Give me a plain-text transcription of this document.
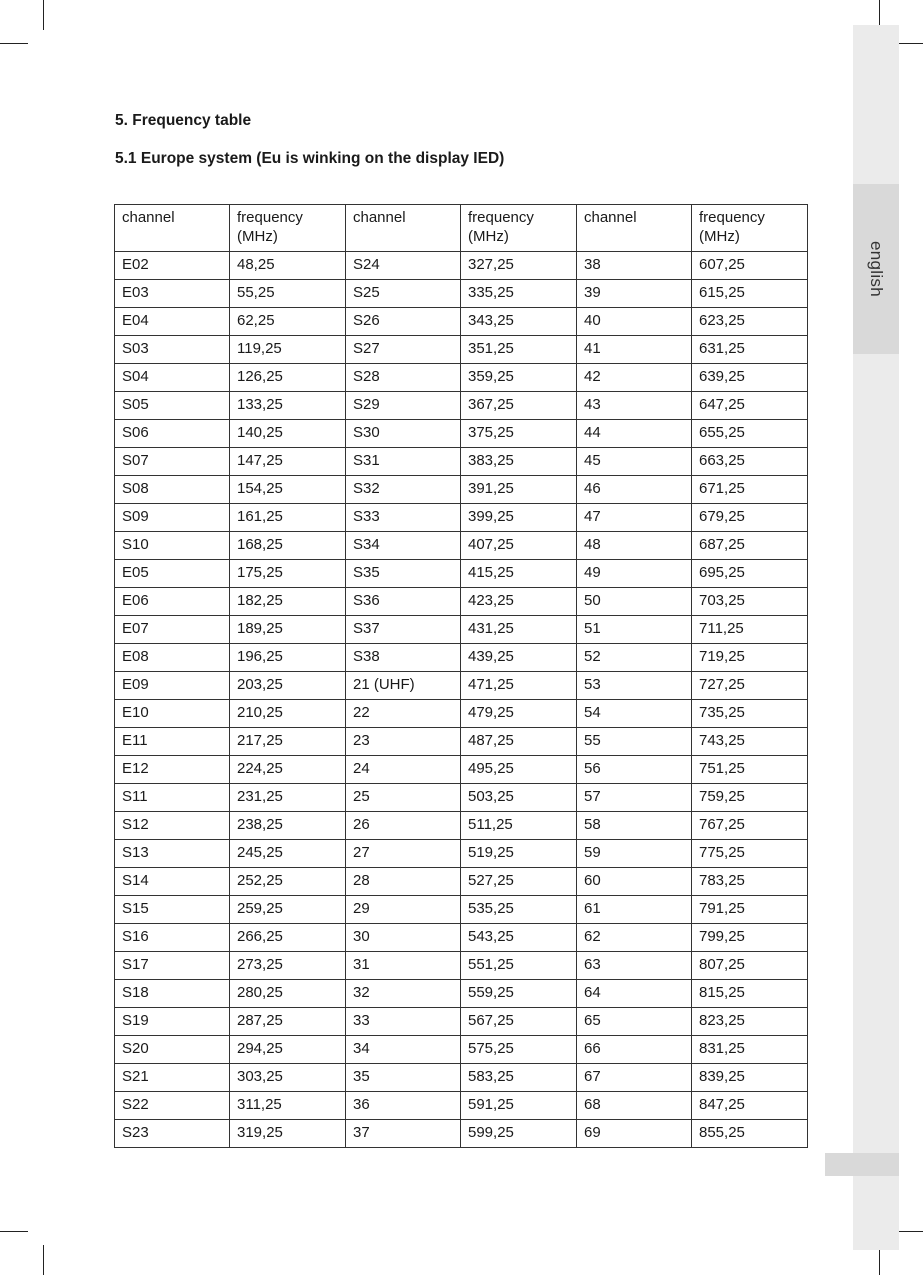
english
5. Frequency table
5.1 Europe system (Eu is winking on the display IED)
channel	frequency (MHz)	channel	frequency (MHz)	channel	frequency (MHz)
E02	48,25	S24	327,25	38	607,25
E03	55,25	S25	335,25	39	615,25
E04	62,25	S26	343,25	40	623,25
S03	119,25	S27	351,25	41	631,25
S04	126,25	S28	359,25	42	639,25
S05	133,25	S29	367,25	43	647,25
S06	140,25	S30	375,25	44	655,25
S07	147,25	S31	383,25	45	663,25
S08	154,25	S32	391,25	46	671,25
S09	161,25	S33	399,25	47	679,25
S10	168,25	S34	407,25	48	687,25
E05	175,25	S35	415,25	49	695,25
E06	182,25	S36	423,25	50	703,25
E07	189,25	S37	431,25	51	711,25
E08	196,25	S38	439,25	52	719,25
E09	203,25	21 (UHF)	471,25	53	727,25
E10	210,25	22	479,25	54	735,25
E11	217,25	23	487,25	55	743,25
E12	224,25	24	495,25	56	751,25
S11	231,25	25	503,25	57	759,25
S12	238,25	26	511,25	58	767,25
S13	245,25	27	519,25	59	775,25
S14	252,25	28	527,25	60	783,25
S15	259,25	29	535,25	61	791,25
S16	266,25	30	543,25	62	799,25
S17	273,25	31	551,25	63	807,25
S18	280,25	32	559,25	64	815,25
S19	287,25	33	567,25	65	823,25
S20	294,25	34	575,25	66	831,25
S21	303,25	35	583,25	67	839,25
S22	311,25	36	591,25	68	847,25
S23	319,25	37	599,25	69	855,25
